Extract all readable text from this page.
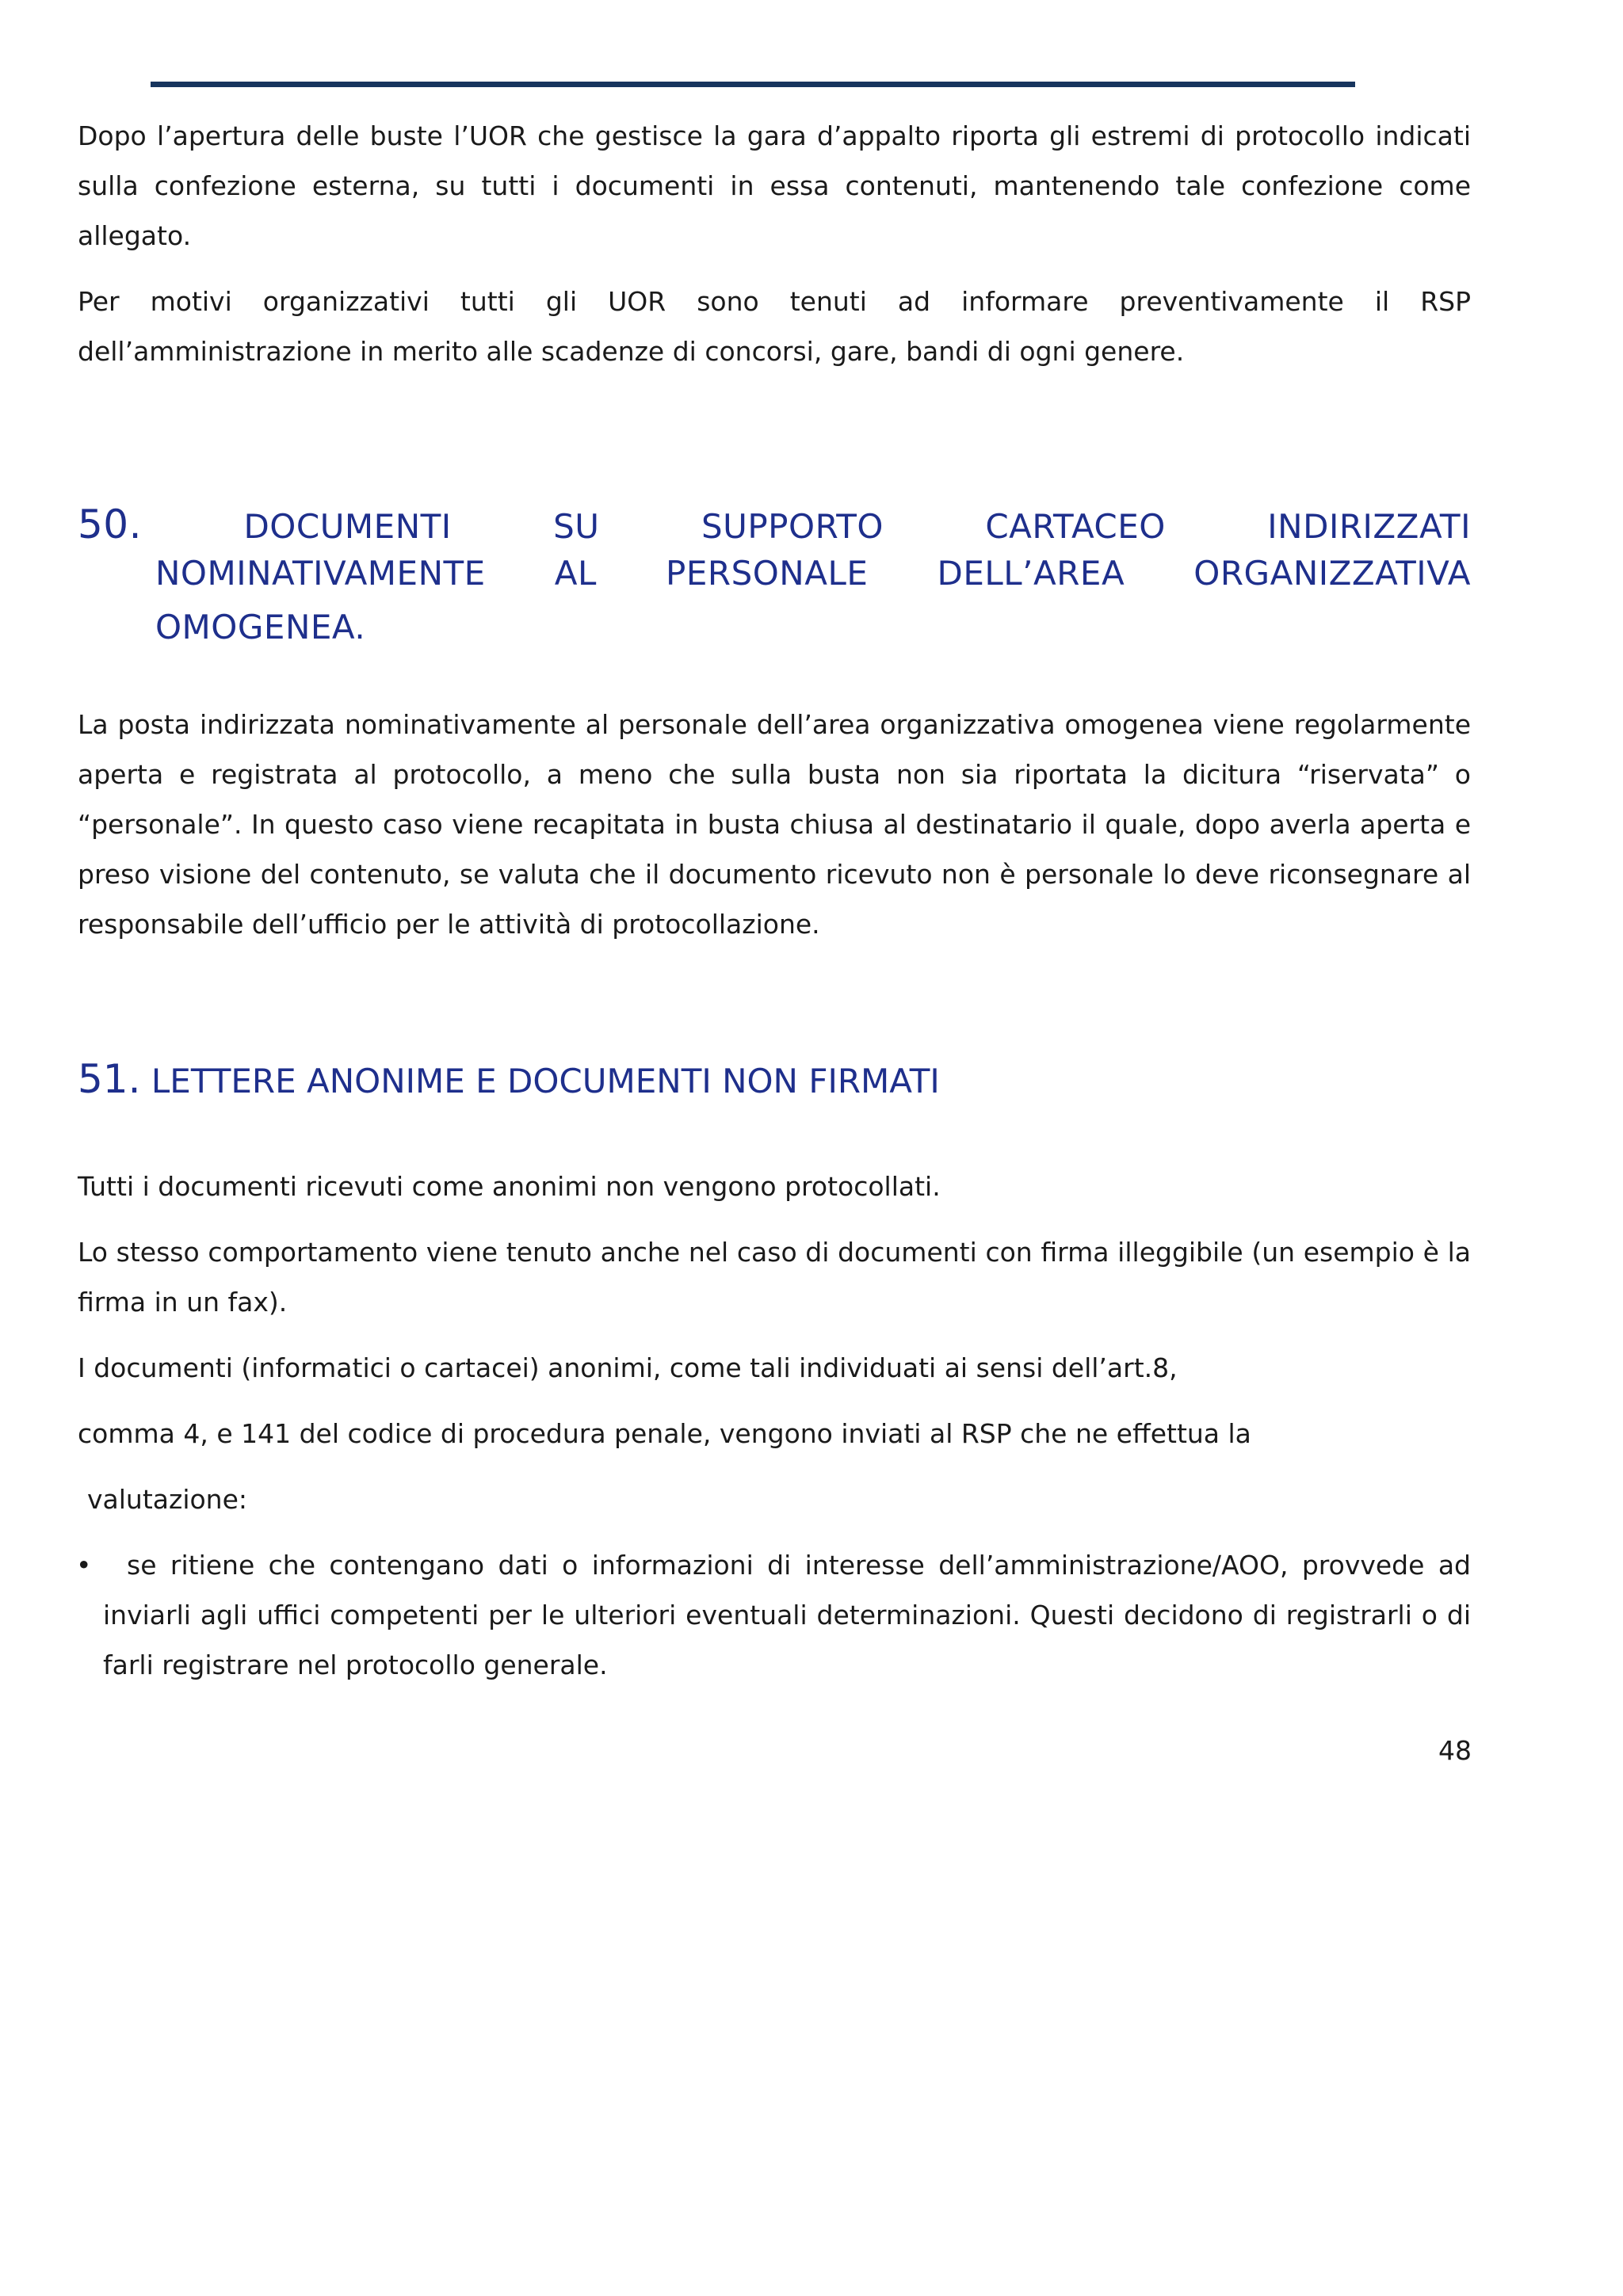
Dopo l’apertura delle buste l’UOR che gestisce la gara d’appalto riporta gli estremi di protocollo indicati sulla confezione esterna, su tutti i documenti in essa contenuti, mantenendo tale confezione come allegato.

Per motivi organizzativi tutti gli UOR sono tenuti ad informare preventivamente il RSP dell’amministrazione in merito alle scadenze di concorsi, gare, bandi di ogni genere.

50.	DOCUMENTI	SU	SUPPORTO	CARTACEO	INDIRIZZATI
NOMINATIVAMENTE AL PERSONALE DELL’AREA ORGANIZZATIVA
OMOGENEA.

La posta indirizzata nominativamente al personale dell’area organizzativa omogenea viene regolarmente aperta e registrata al protocollo, a meno che sulla busta non sia riportata la dicitura “riservata” o “personale”. In questo caso viene recapitata in busta chiusa al destinatario il quale, dopo averla aperta e preso visione del contenuto, se valuta che il documento ricevuto non è personale lo deve riconsegnare al responsabile dell’ufficio per le attività di protocollazione.

51. LETTERE ANONIME E DOCUMENTI NON FIRMATI

Tutti i documenti ricevuti come anonimi non vengono protocollati.

Lo stesso comportamento viene tenuto anche nel caso di documenti con firma illeggibile (un esempio è la firma in un fax).

I documenti (informatici o cartacei) anonimi, come tali individuati ai sensi dell’art.8,

comma 4, e 141 del codice di procedura penale, vengono inviati al RSP che ne effettua la

valutazione:

•	se ritiene che contengano dati o informazioni di interesse dell’amministrazione/AOO, provvede ad inviarli agli uffici competenti per le ulteriori eventuali determinazioni. Questi decidono di registrarli o di farli registrare nel protocollo generale.
48
